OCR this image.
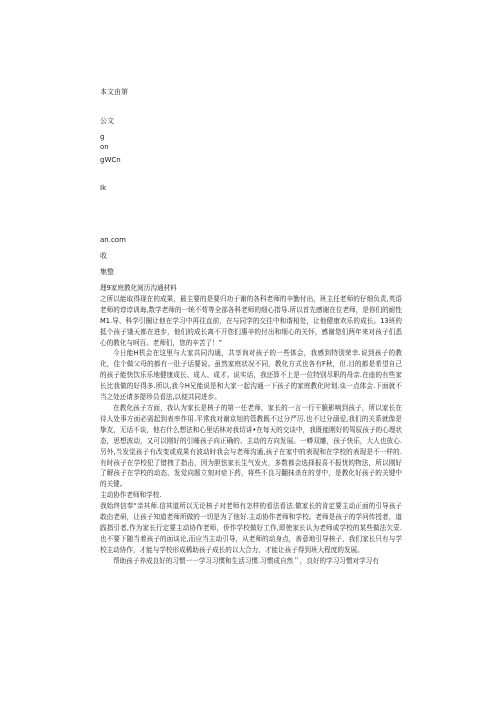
本文由第
公文
g
on
gWCn
Ik
an.com
收
集整

理9家庭教化阅历沟通材料

之所以能取得现在的成果，最主要的是要归功于谢的各科老师的辛勤付出，班主任老师的仔细负责,英语老师的谆谆训诲,数学老师的一统不苟等全部各科老师的细心指导.所以首先感谢在位老师，是你们的耐性M1.导、科学引圈让他在学习中再往直前，在与同学的交往中和谐相处，让他健康欢乐的成长。13班的抵个孩子饿天都在进步，他们的成长离不开您们惠辛的付出和细心的关怀，感谢您们两年来对孩子们悉心的教化与呵百。老师们，您的辛苦了！”

今日能H机会在这里与大家共同沟通，共享询对孩子的一些体会，我感到特别荣幸.说到孩子的教化，佳个做父母的都有一肚子话要说。虽然家庭状况不同，教化方式也各有F秋，但.目的都是希望自己的孩子能快饮乐乐地健康成长、成人、成才。说实话，我还算不上是一位特别尽职的母亲.在座的有些家长比我做的好得多.所以,我今H兄能说是和大家一起沟通一下孩子的家庭教化时划.谈一点体会.下面就不当之处还请多提珍员看法,以便共同进步。

在教化孩子方面，我认为家长是核子的第一任老师，家长的一言一行干脆影响到孩子，所以家长在待人处事方面必需起到表率作用.平常我对谢京旭的管教既不过分严厉.也不过分溺爱,我们的关系就像是挚友，无话不谈，他右什么想法和心里话林对我切讲•在每天的交谈中，我既能刚好的驾驭孩子的心理状态，思想波动，又可以刚好的引睡孩子向正确的、主动的方向发展。一蟒双雕，孩子快乐，大人也放心.另外,当发觉孩子有改变或成果有波动时我会与老师沟通,孩子在家中的表现和在学校的表现是不一样的.有时孩子在学校犯了错拽了指击，因为胆怯家长生气发火，多数都会选择报喜不报忧的物法，所以刚好了解孩子在学校的动态，发觉向题立刻对症下药，将些不良习翻抹杀在的芽中，是教化好孩子的关键中的关键。

主动协作老师和学校.

我始终信奉“亲其师.信其道所以无论核子对老师有怎样的看法看法.做家长的肯定要主动正面的引导孩子敢由老研，让孩子知道老师所做的一切是为了他好.主动协作老师和学校。老师是孩子的学问传授者，道践指引者,作为家长行定要主动协作老师，侨作学校做好工作,即使家长认为老师或学校的某些做法欠妥.也不要下随当着孩子的面谈论,而应当主动引导，从老师的动身点，善意地引导核子，我们家长只有与学校主动协作，才能与学校形成稀助孩子成长的以大合力，才能让孩子得到班大程度的发展。

帮助孩子养成良好的习惯一一学习习惯和生活习惯.习惯成自然＂，良好的学习习惯对学习有
